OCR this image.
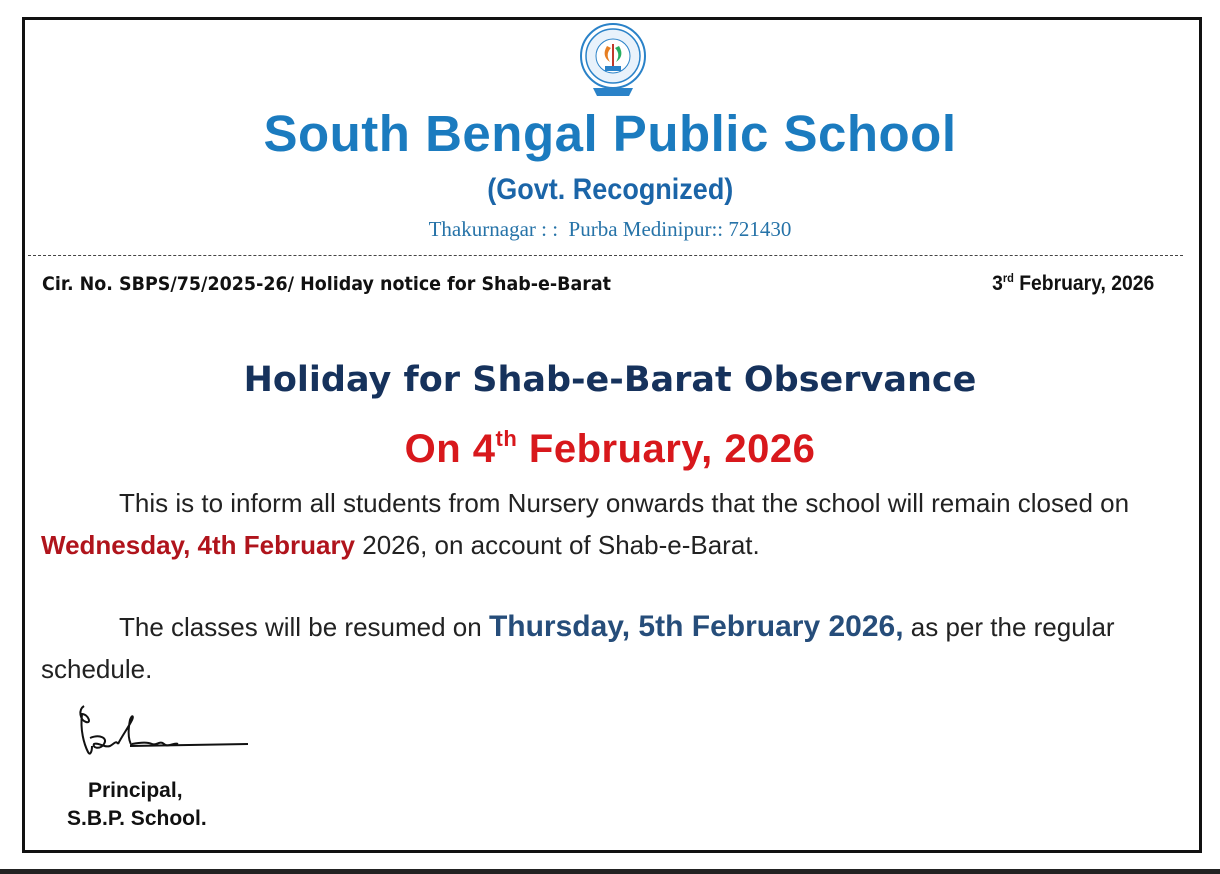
South Bengal Public School
(Govt. Recognized)
Thakurnagar : :  Purba Medinipur:: 721430
Cir. No. SBPS/75/2025-26/ Holiday notice for Shab-e-Barat	3rd February, 2026
Holiday for Shab-e-Barat Observance
On 4th February, 2026
This is to inform all students from Nursery onwards that the school will remain closed on Wednesday, 4th February 2026, on account of Shab-e-Barat.
The classes will be resumed on Thursday, 5th February 2026, as per the regular schedule.
Principal,
S.B.P. School.
